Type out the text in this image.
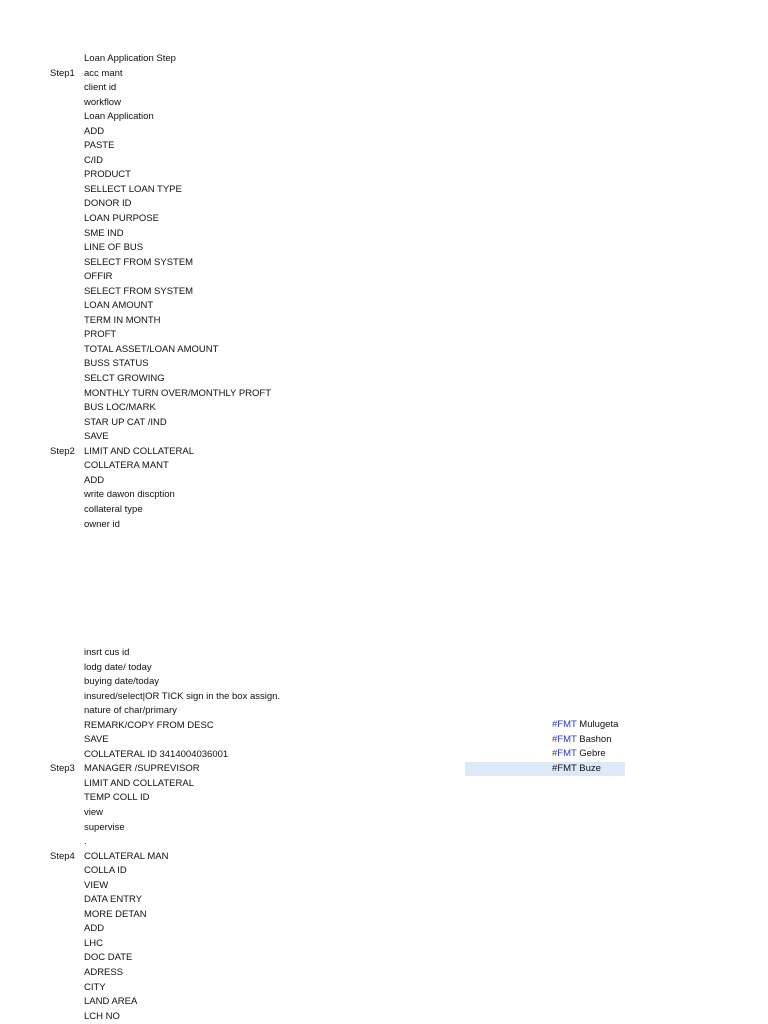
Loan Application Step
Step1 acc mant
client id
workflow
Loan Application
ADD
PASTE
C/ID
PRODUCT
SELLECT LOAN TYPE
DONOR ID
LOAN PURPOSE
SME IND
LINE OF BUS
SELECT FROM SYSTEM
OFFIR
SELECT FROM SYSTEM
LOAN AMOUNT
TERM IN MONTH
PROFT
TOTAL ASSET/LOAN AMOUNT
BUSS STATUS
SELCT GROWING
MONTHLY TURN OVER/MONTHLY PROFT
BUS LOC/MARK
STAR UP CAT /IND
SAVE
Step2 LIMIT AND COLLATERAL
COLLATERA MANT
ADD
write dawon discption
collateral type
owner id
insrt cus id
lodg date/ today
buying date/today
insured/select|OR TICK sign in the box assign.
nature of char/primary
REMARK/COPY FROM DESC
SAVE
COLLATERAL ID 3414004036001
Step3 MANAGER /SUPREVISOR
LIMIT AND COLLATERAL
TEMP COLL ID
view
supervise
.
Step4 COLLATERAL MAN
COLLA ID
VIEW
DATA ENTRY
MORE DETAN
ADD
LHC
DOC DATE
ADRESS
CITY
LAND AREA
LCH NO
#FMT Mulugeta
#FMT Bashon
#FMT Gebre
#FMT Buze
